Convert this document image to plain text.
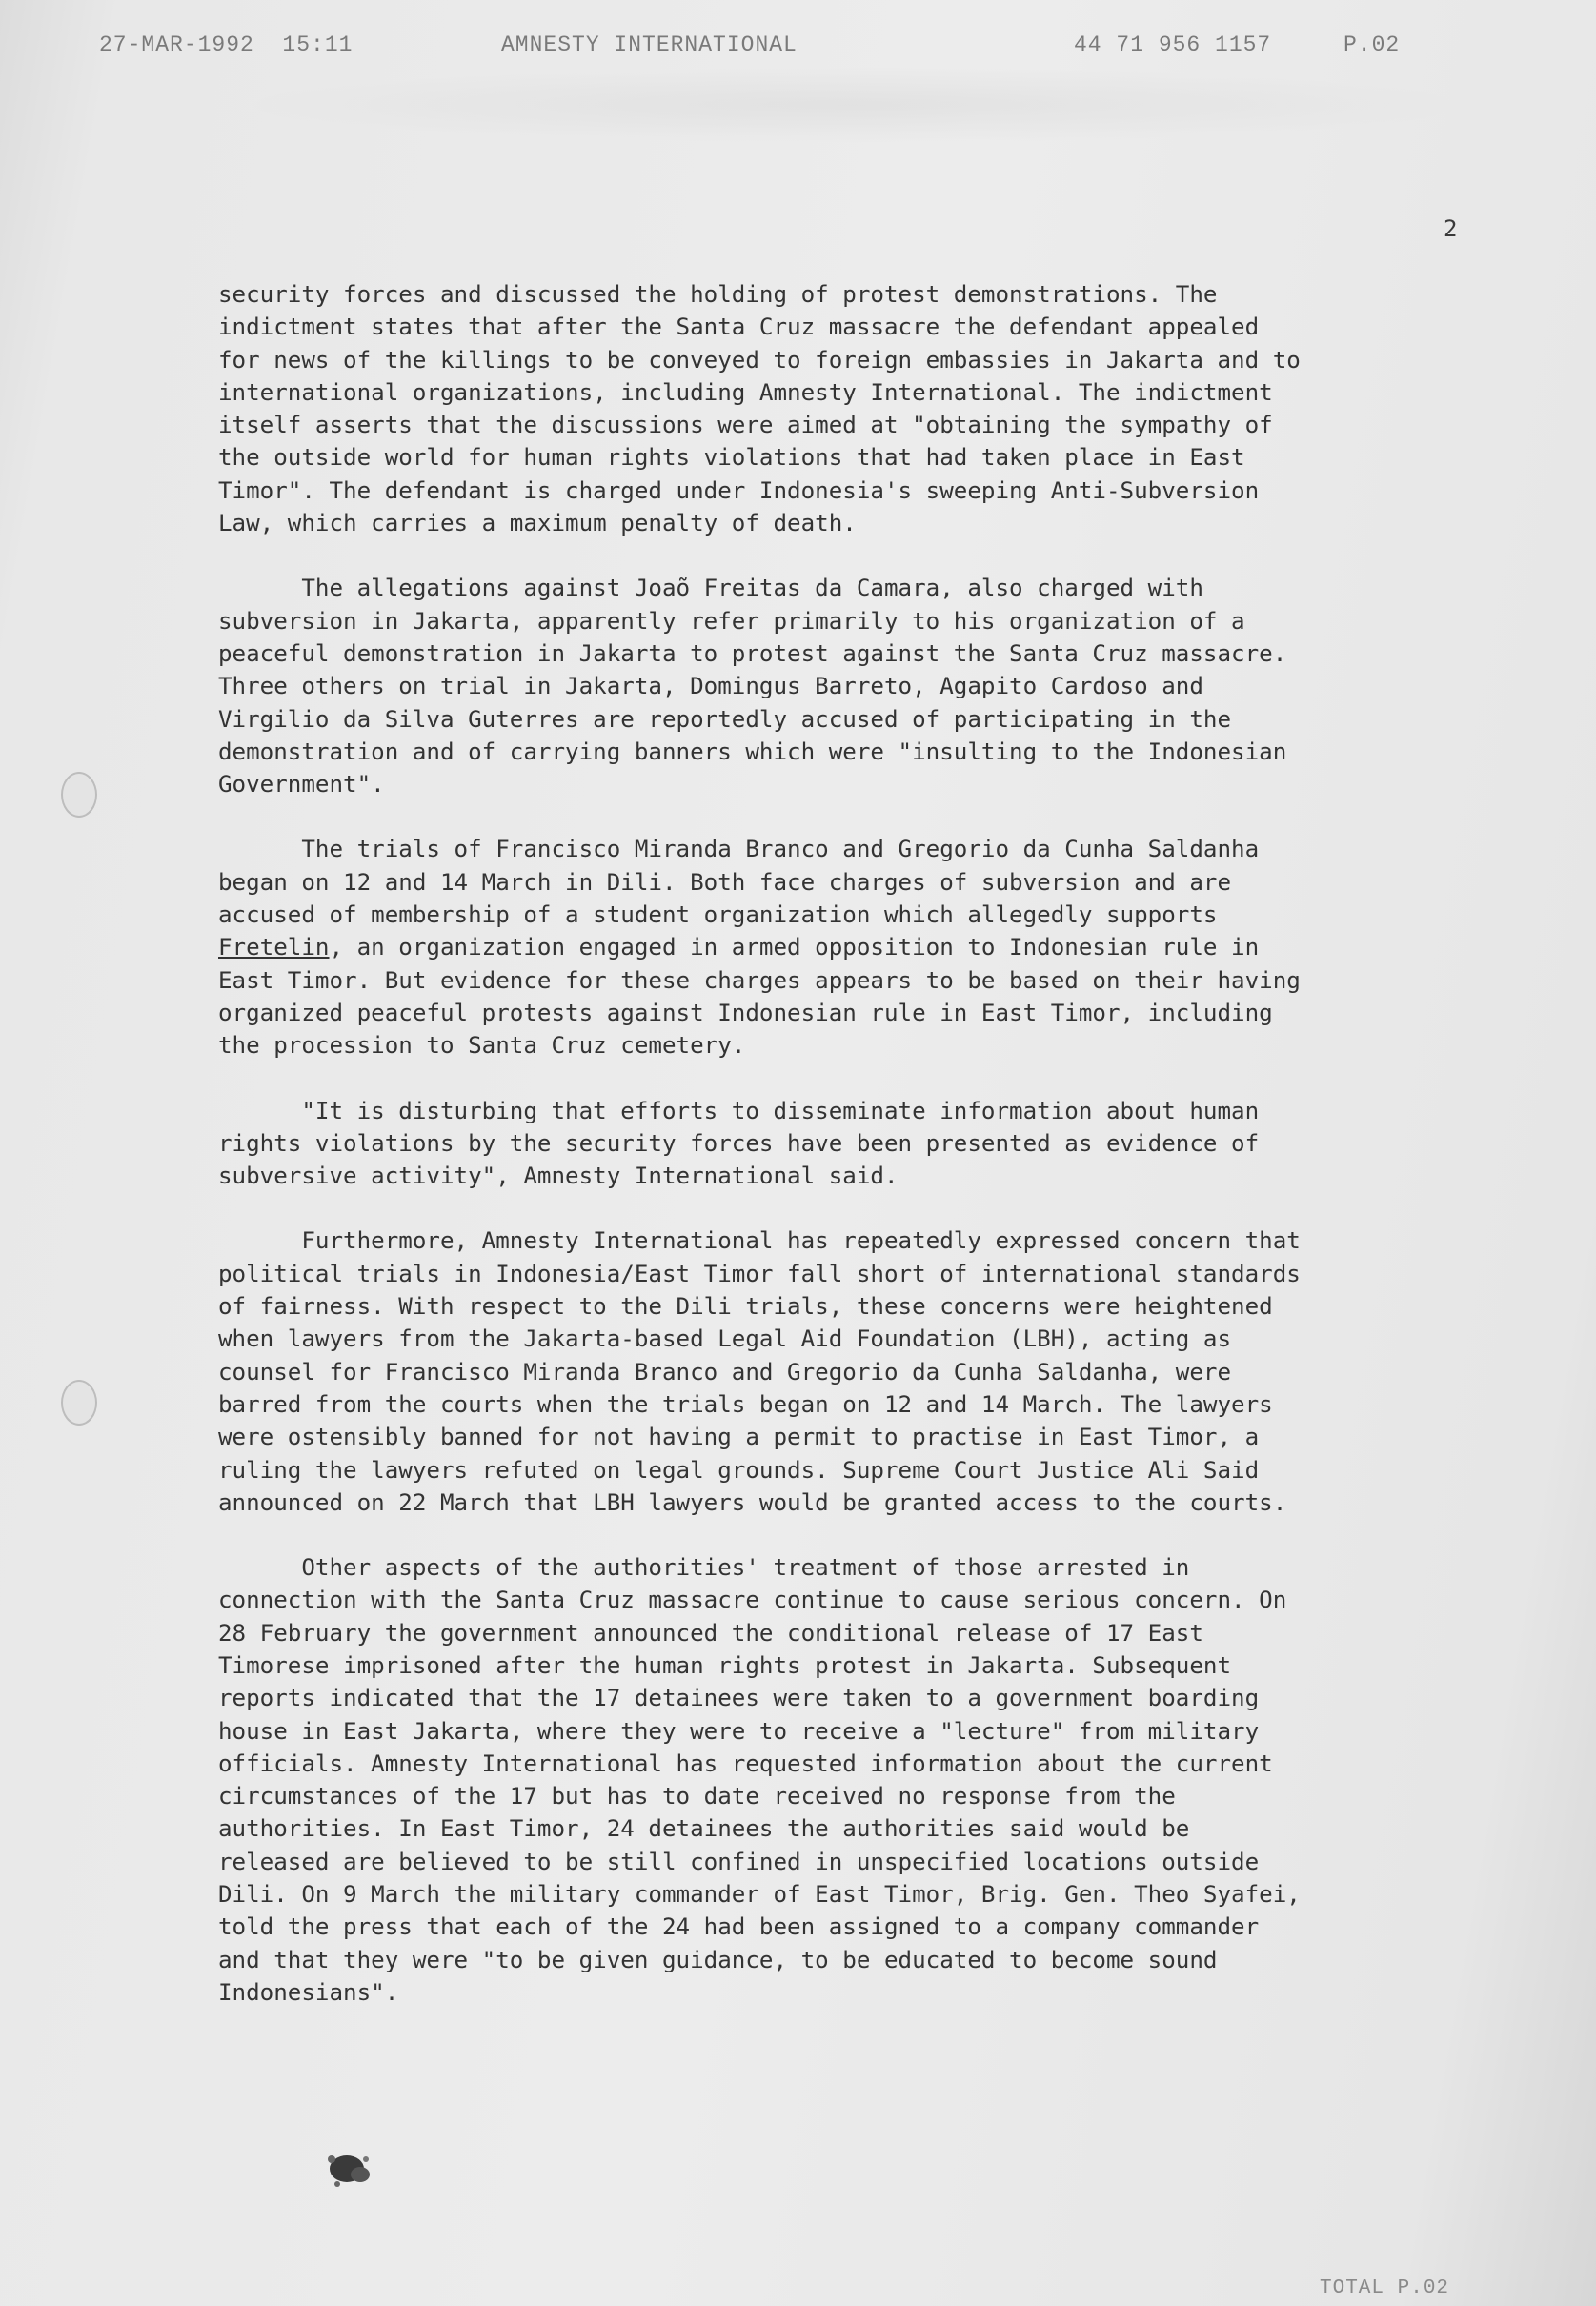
27-MAR-1992  15:11	AMNESTY INTERNATIONAL	44 71 956 1157	P.02
2
security forces and discussed the holding of protest demonstrations. The
indictment states that after the Santa Cruz massacre the defendant appealed
for news of the killings to be conveyed to foreign embassies in Jakarta and to
international organizations, including Amnesty International. The indictment
itself asserts that the discussions were aimed at "obtaining the sympathy of
the outside world for human rights violations that had taken place in East
Timor". The defendant is charged under Indonesia's sweeping Anti-Subversion
Law, which carries a maximum penalty of death.
The allegations against Joaõ Freitas da Camara, also charged with
subversion in Jakarta, apparently refer primarily to his organization of a
peaceful demonstration in Jakarta to protest against the Santa Cruz massacre.
Three others on trial in Jakarta, Domingus Barreto, Agapito Cardoso and
Virgilio da Silva Guterres are reportedly accused of participating in the
demonstration and of carrying banners which were "insulting to the Indonesian
Government".
The trials of Francisco Miranda Branco and Gregorio da Cunha Saldanha
began on 12 and 14 March in Dili. Both face charges of subversion and are
accused of membership of a student organization which allegedly supports
Fretelin, an organization engaged in armed opposition to Indonesian rule in
East Timor. But evidence for these charges appears to be based on their having
organized peaceful protests against Indonesian rule in East Timor, including
the procession to Santa Cruz cemetery.
"It is disturbing that efforts to disseminate information about human
rights violations by the security forces have been presented as evidence of
subversive activity", Amnesty International said.
Furthermore, Amnesty International has repeatedly expressed concern that
political trials in Indonesia/East Timor fall short of international standards
of fairness. With respect to the Dili trials, these concerns were heightened
when lawyers from the Jakarta-based Legal Aid Foundation (LBH), acting as
counsel for Francisco Miranda Branco and Gregorio da Cunha Saldanha, were
barred from the courts when the trials began on 12 and 14 March. The lawyers
were ostensibly banned for not having a permit to practise in East Timor, a
ruling the lawyers refuted on legal grounds. Supreme Court Justice Ali Said
announced on 22 March that LBH lawyers would be granted access to the courts.
Other aspects of the authorities' treatment of those arrested in
connection with the Santa Cruz massacre continue to cause serious concern. On
28 February the government announced the conditional release of 17 East
Timorese imprisoned after the human rights protest in Jakarta. Subsequent
reports indicated that the 17 detainees were taken to a government boarding
house in East Jakarta, where they were to receive a "lecture" from military
officials. Amnesty International has requested information about the current
circumstances of the 17 but has to date received no response from the
authorities. In East Timor, 24 detainees the authorities said would be
released are believed to be still confined in unspecified locations outside
Dili. On 9 March the military commander of East Timor, Brig. Gen. Theo Syafei,
told the press that each of the 24 had been assigned to a company commander
and that they were "to be given guidance, to be educated to become sound
Indonesians".
TOTAL P.02
